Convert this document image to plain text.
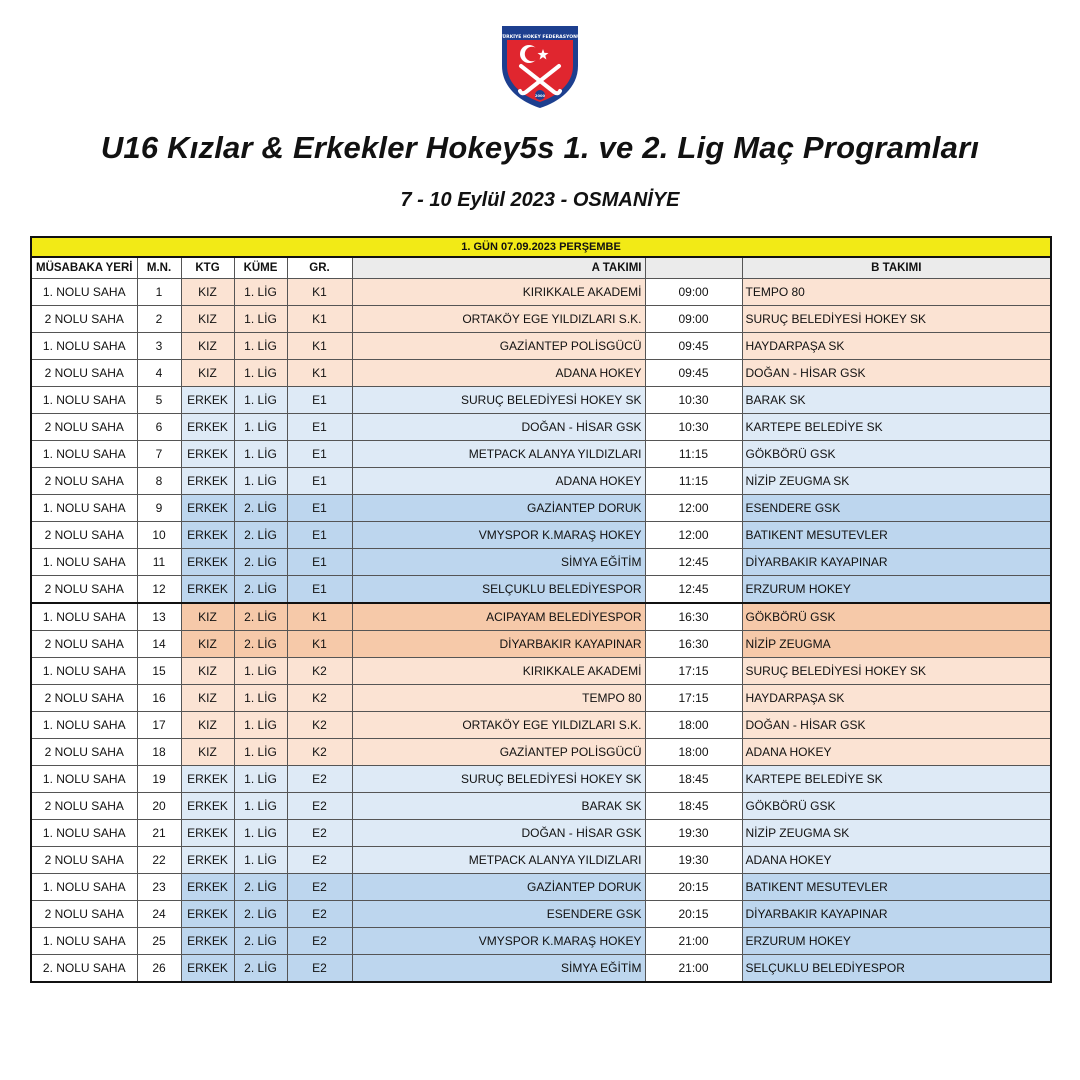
TÜRKİYE HOKEY FEDERASYONU
2000
U16 Kızlar & Erkekler Hokey5s 1. ve 2. Lig Maç Programları
7 - 10 Eylül 2023 - OSMANİYE
1. GÜN 07.09.2023 PERŞEMBE							
MÜSABAKA YERİ	M.N.	KTG	KÜME	GR.	A TAKIMI		B TAKIMI
1. NOLU SAHA	1	KIZ	1. LİG	K1	KIRIKKALE AKADEMİ	09:00	TEMPO 80
2 NOLU SAHA	2	KIZ	1. LİG	K1	ORTAKÖY EGE YILDIZLARI S.K.	09:00	SURUÇ BELEDİYESİ HOKEY SK
1. NOLU SAHA	3	KIZ	1. LİG	K1	GAZİANTEP POLİSGÜCÜ	09:45	HAYDARPAŞA SK
2 NOLU SAHA	4	KIZ	1. LİG	K1	ADANA HOKEY	09:45	DOĞAN - HİSAR GSK
1. NOLU SAHA	5	ERKEK	1. LİG	E1	SURUÇ BELEDİYESİ HOKEY SK	10:30	BARAK SK
2 NOLU SAHA	6	ERKEK	1. LİG	E1	DOĞAN - HİSAR GSK	10:30	KARTEPE BELEDİYE SK
1. NOLU SAHA	7	ERKEK	1. LİG	E1	METPACK ALANYA YILDIZLARI	11:15	GÖKBÖRÜ GSK
2 NOLU SAHA	8	ERKEK	1. LİG	E1	ADANA HOKEY	11:15	NİZİP ZEUGMA SK
1. NOLU SAHA	9	ERKEK	2. LİG	E1	GAZİANTEP DORUK	12:00	ESENDERE GSK
2 NOLU SAHA	10	ERKEK	2. LİG	E1	VMYSPOR K.MARAŞ HOKEY	12:00	BATIKENT MESUTEVLER
1. NOLU SAHA	11	ERKEK	2. LİG	E1	SİMYA EĞİTİM	12:45	DİYARBAKIR KAYAPINAR
2 NOLU SAHA	12	ERKEK	2. LİG	E1	SELÇUKLU BELEDİYESPOR	12:45	ERZURUM HOKEY
1. NOLU SAHA	13	KIZ	2. LİG	K1	ACIPAYAM BELEDİYESPOR	16:30	GÖKBÖRÜ GSK
2 NOLU SAHA	14	KIZ	2. LİG	K1	DİYARBAKIR KAYAPINAR	16:30	NİZİP ZEUGMA
1. NOLU SAHA	15	KIZ	1. LİG	K2	KIRIKKALE AKADEMİ	17:15	SURUÇ BELEDİYESİ HOKEY SK
2 NOLU SAHA	16	KIZ	1. LİG	K2	TEMPO 80	17:15	HAYDARPAŞA SK
1. NOLU SAHA	17	KIZ	1. LİG	K2	ORTAKÖY EGE YILDIZLARI S.K.	18:00	DOĞAN - HİSAR GSK
2 NOLU SAHA	18	KIZ	1. LİG	K2	GAZİANTEP POLİSGÜCÜ	18:00	ADANA HOKEY
1. NOLU SAHA	19	ERKEK	1. LİG	E2	SURUÇ BELEDİYESİ HOKEY SK	18:45	KARTEPE BELEDİYE SK
2 NOLU SAHA	20	ERKEK	1. LİG	E2	BARAK SK	18:45	GÖKBÖRÜ GSK
1. NOLU SAHA	21	ERKEK	1. LİG	E2	DOĞAN - HİSAR GSK	19:30	NİZİP ZEUGMA SK
2 NOLU SAHA	22	ERKEK	1. LİG	E2	METPACK ALANYA YILDIZLARI	19:30	ADANA HOKEY
1. NOLU SAHA	23	ERKEK	2. LİG	E2	GAZİANTEP DORUK	20:15	BATIKENT MESUTEVLER
2 NOLU SAHA	24	ERKEK	2. LİG	E2	ESENDERE GSK	20:15	DİYARBAKIR KAYAPINAR
1. NOLU SAHA	25	ERKEK	2. LİG	E2	VMYSPOR K.MARAŞ HOKEY	21:00	ERZURUM HOKEY
2. NOLU SAHA	26	ERKEK	2. LİG	E2	SİMYA EĞİTİM	21:00	SELÇUKLU BELEDİYESPOR
